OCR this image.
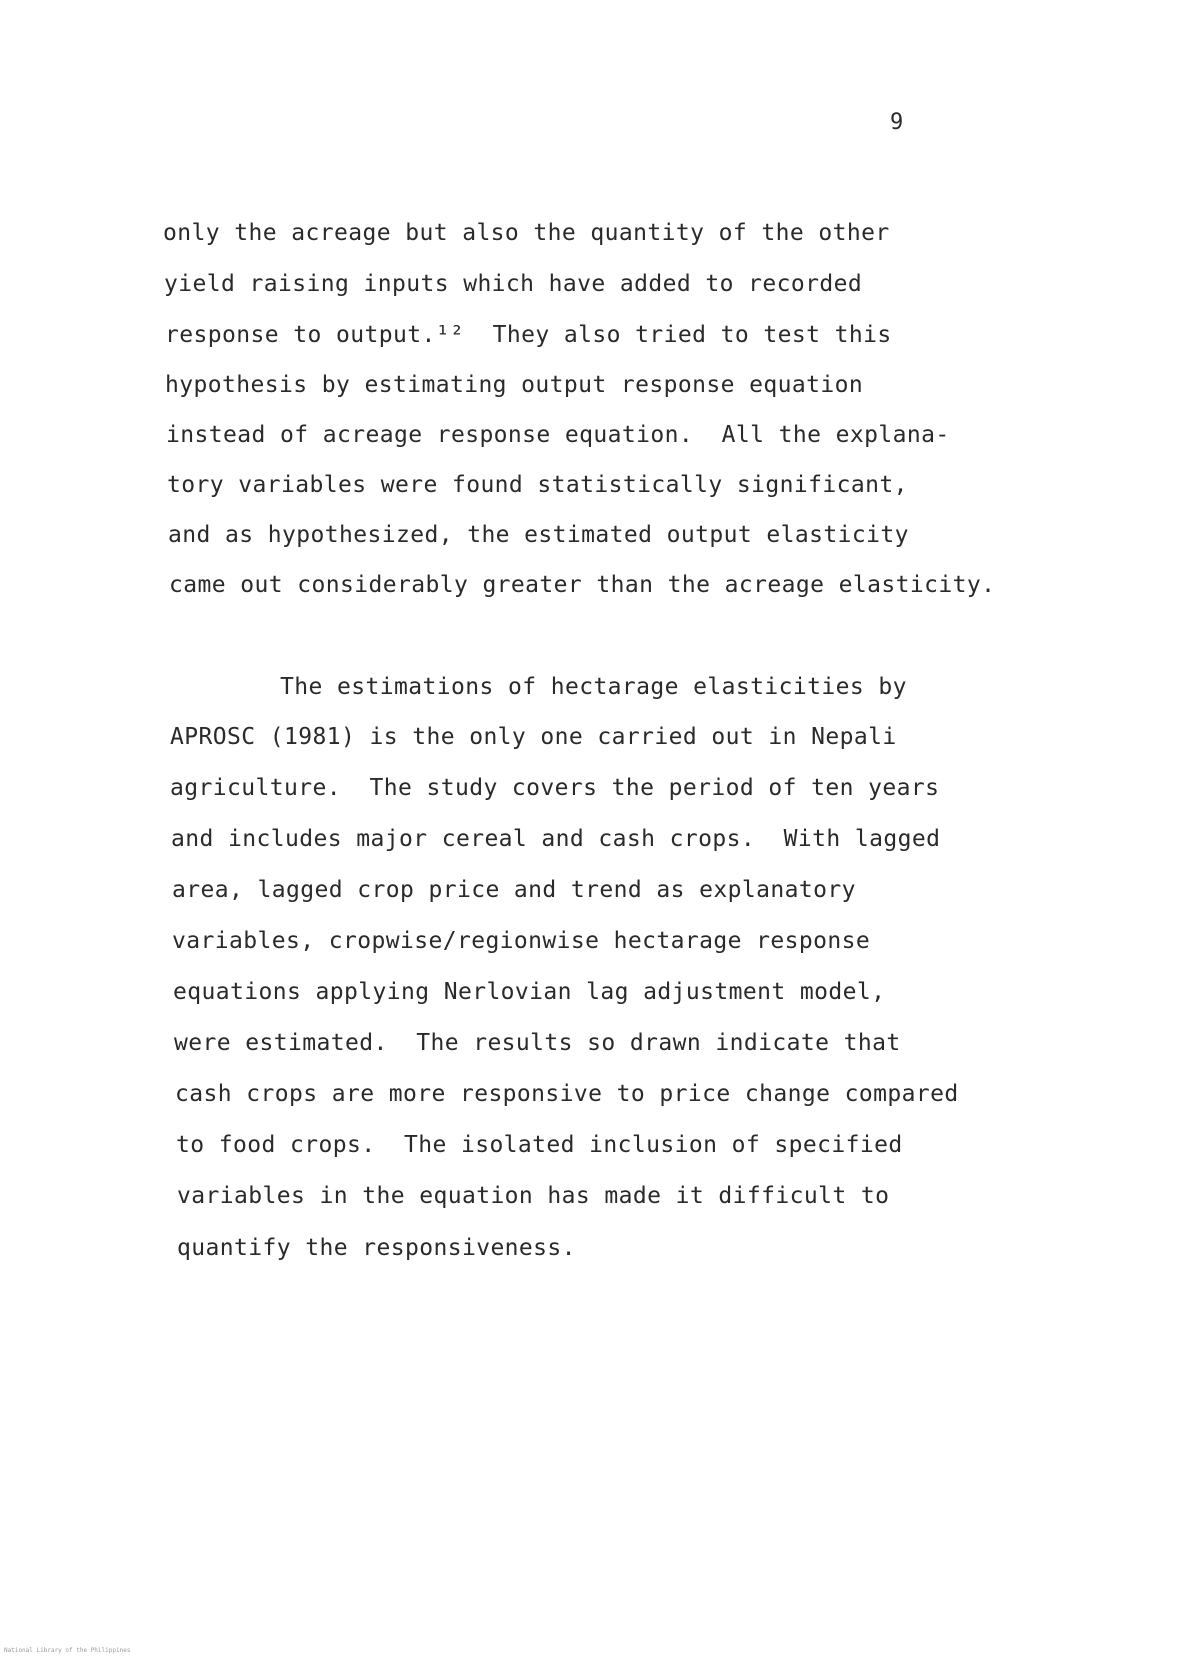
9
only the acreage but also the quantity of the other
yield raising inputs which have added to recorded
response to output.¹²  They also tried to test this
hypothesis by estimating output response equation
instead of acreage response equation.  All the explana-
tory variables were found statistically significant,
and as hypothesized, the estimated output elasticity
came out considerably greater than the acreage elasticity.
The estimations of hectarage elasticities by
APROSC (1981) is the only one carried out in Nepali
agriculture.  The study covers the period of ten years
and includes major cereal and cash crops.  With lagged
area, lagged crop price and trend as explanatory
variables, cropwise/regionwise hectarage response
equations applying Nerlovian lag adjustment model,
were estimated.  The results so drawn indicate that
cash crops are more responsive to price change compared
to food crops.  The isolated inclusion of specified
variables in the equation has made it difficult to
quantify the responsiveness.
National Library of the Philippines
